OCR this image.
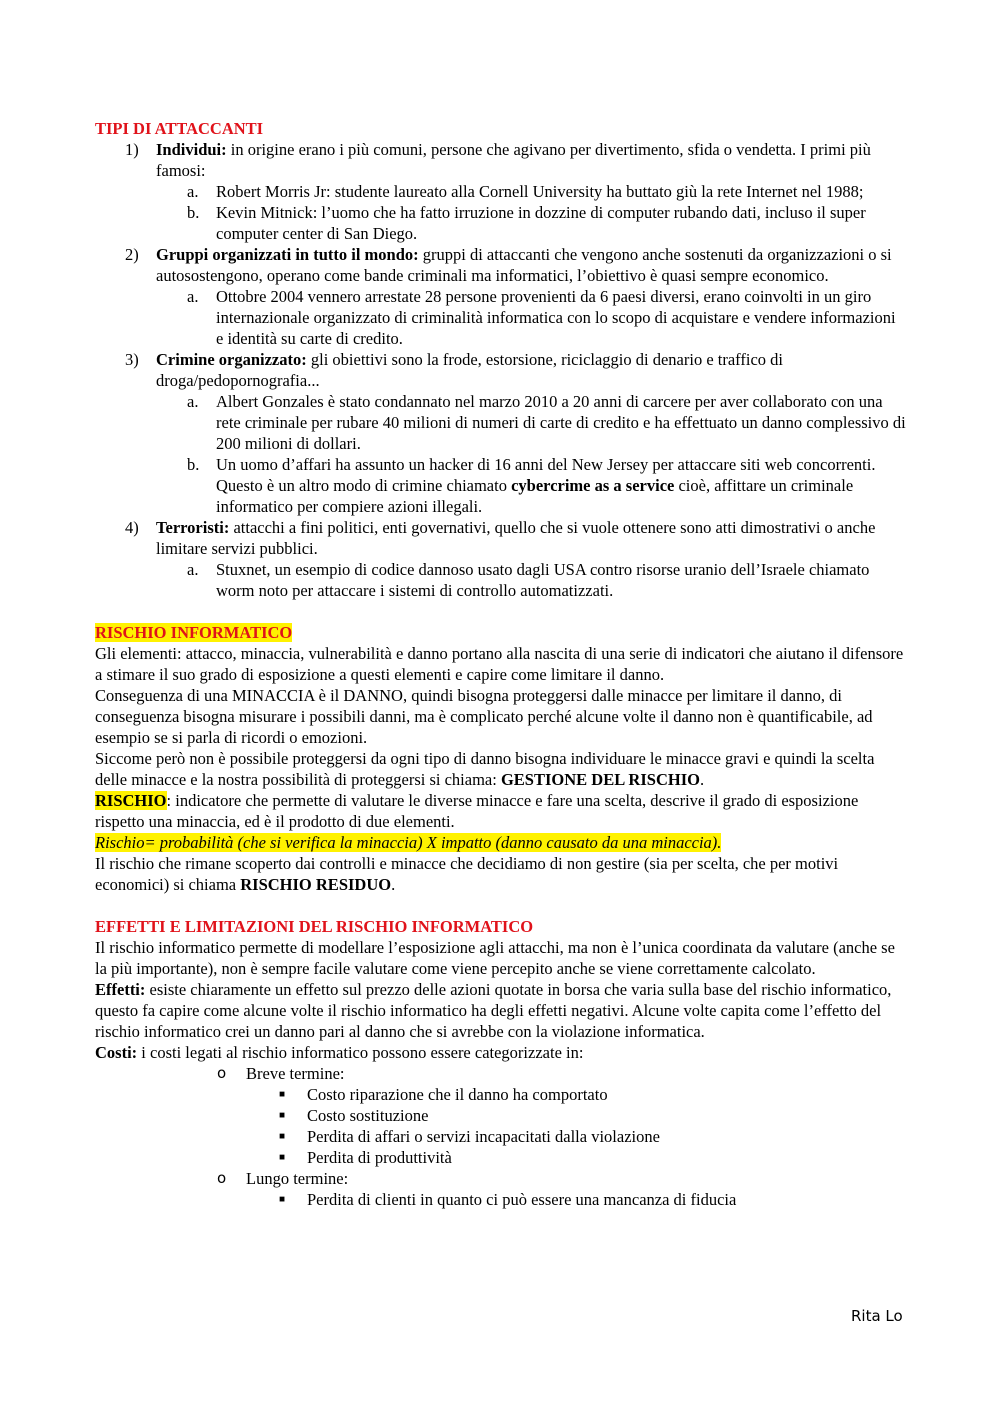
TIPI DI ATTACCANTI
1) Individui: in origine erano i più comuni, persone che agivano per divertimento, sfida o vendetta. I primi più famosi:
a. Robert Morris Jr: studente laureato alla Cornell University ha buttato giù la rete Internet nel 1988;
b. Kevin Mitnick: l’uomo che ha fatto irruzione in dozzine di computer rubando dati, incluso il super computer center di San Diego.
2) Gruppi organizzati in tutto il mondo: gruppi di attaccanti che vengono anche sostenuti da organizzazioni o si autosostengono, operano come bande criminali ma informatici, l’obiettivo è quasi sempre economico.
a. Ottobre 2004 vennero arrestate 28 persone provenienti da 6 paesi diversi, erano coinvolti in un giro internazionale organizzato di criminalità informatica con lo scopo di acquistare e vendere informazioni e identità su carte di credito.
3) Crimine organizzato: gli obiettivi sono la frode, estorsione, riciclaggio di denario e traffico di droga/pedopornografia...
a. Albert Gonzales è stato condannato nel marzo 2010 a 20 anni di carcere per aver collaborato con una rete criminale per rubare 40 milioni di numeri di carte di credito e ha effettuato un danno complessivo di 200 milioni di dollari.
b. Un uomo d’affari ha assunto un hacker di 16 anni del New Jersey per attaccare siti web concorrenti. Questo è un altro modo di crimine chiamato cybercrime as a service cioè, affittare un criminale informatico per compiere azioni illegali.
4) Terroristi: attacchi a fini politici, enti governativi, quello che si vuole ottenere sono atti dimostrativi o anche limitare servizi pubblici.
a. Stuxnet, un esempio di codice dannoso usato dagli USA contro risorse uranio dell’Israele chiamato worm noto per attaccare i sistemi di controllo automatizzati.
RISCHIO INFORMATICO

Gli elementi: attacco, minaccia, vulnerabilità e danno portano alla nascita di una serie di indicatori che aiutano il difensore a stimare il suo grado di esposizione a questi elementi e capire come limitare il danno.

Conseguenza di una MINACCIA è il DANNO, quindi bisogna proteggersi dalle minacce per limitare il danno, di conseguenza bisogna misurare i possibili danni, ma è complicato perché alcune volte il danno non è quantificabile, ad esempio se si parla di ricordi o emozioni.

Siccome però non è possibile proteggersi da ogni tipo di danno bisogna individuare le minacce gravi e quindi la scelta delle minacce e la nostra possibilità di proteggersi si chiama: GESTIONE DEL RISCHIO.

RISCHIO: indicatore che permette di valutare le diverse minacce e fare una scelta, descrive il grado di esposizione rispetto una minaccia, ed è il prodotto di due elementi.

Rischio= probabilità (che si verifica la minaccia) X impatto (danno causato da una minaccia).

Il rischio che rimane scoperto dai controlli e minacce che decidiamo di non gestire (sia per scelta, che per motivi economici) si chiama RISCHIO RESIDUO.

EFFETTI E LIMITAZIONI DEL RISCHIO INFORMATICO

Il rischio informatico permette di modellare l’esposizione agli attacchi, ma non è l’unica coordinata da valutare (anche se la più importante), non è sempre facile valutare come viene percepito anche se viene correttamente calcolato.

Effetti: esiste chiaramente un effetto sul prezzo delle azioni quotate in borsa che varia sulla base del rischio informatico, questo fa capire come alcune volte il rischio informatico ha degli effetti negativi. Alcune volte capita come l’effetto del rischio informatico crei un danno pari al danno che si avrebbe con la violazione informatica.

Costi: i costi legati al rischio informatico possono essere categorizzate in:

o Breve termine:
■ Costo riparazione che il danno ha comportato
■ Costo sostituzione
■ Perdita di affari o servizi incapacitati dalla violazione
■ Perdita di produttività
o Lungo termine:
■ Perdita di clienti in quanto ci può essere una mancanza di fiducia
Rita Lo
